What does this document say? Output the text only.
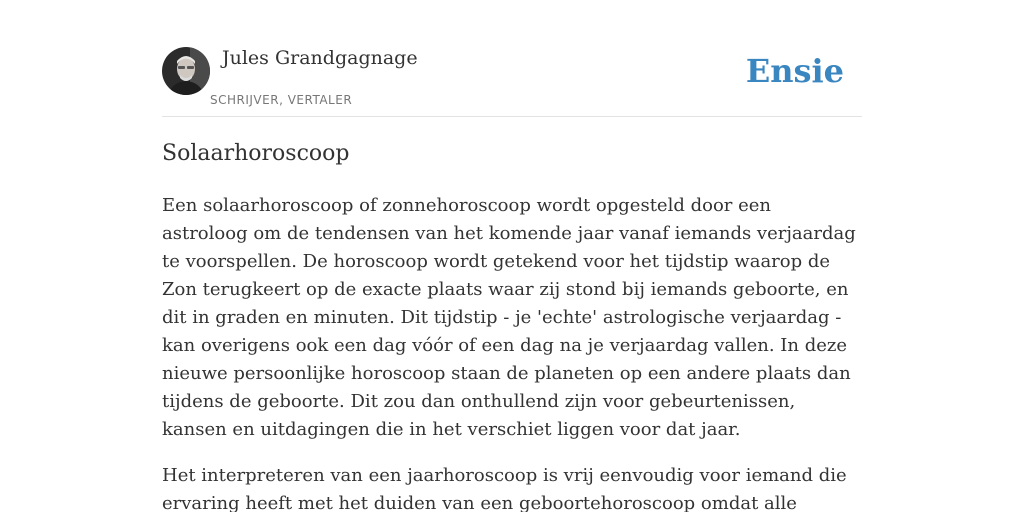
Jules Grandgagnage
SCHRIJVER, VERTALER
Ensie
Solaarhoroscoop

Een solaarhoroscoop of zonnehoroscoop wordt opgesteld door een astroloog om de tendensen van het komende jaar vanaf iemands verjaardag te voorspellen. De horoscoop wordt getekend voor het tijdstip waarop de Zon terugkeert op de exacte plaats waar zij stond bij iemands geboorte, en dit in graden en minuten. Dit tijdstip - je 'echte' astrologische verjaardag - kan overigens ook een dag vóór of een dag na je verjaardag vallen. In deze nieuwe persoonlijke horoscoop staan de planeten op een andere plaats dan tijdens de geboorte. Dit zou dan onthullend zijn voor gebeurtenissen, kansen en uitdagingen die in het verschiet liggen voor dat jaar.

Het interpreteren van een jaarhoroscoop is vrij eenvoudig voor iemand die ervaring heeft met het duiden van een geboortehoroscoop omdat alle
